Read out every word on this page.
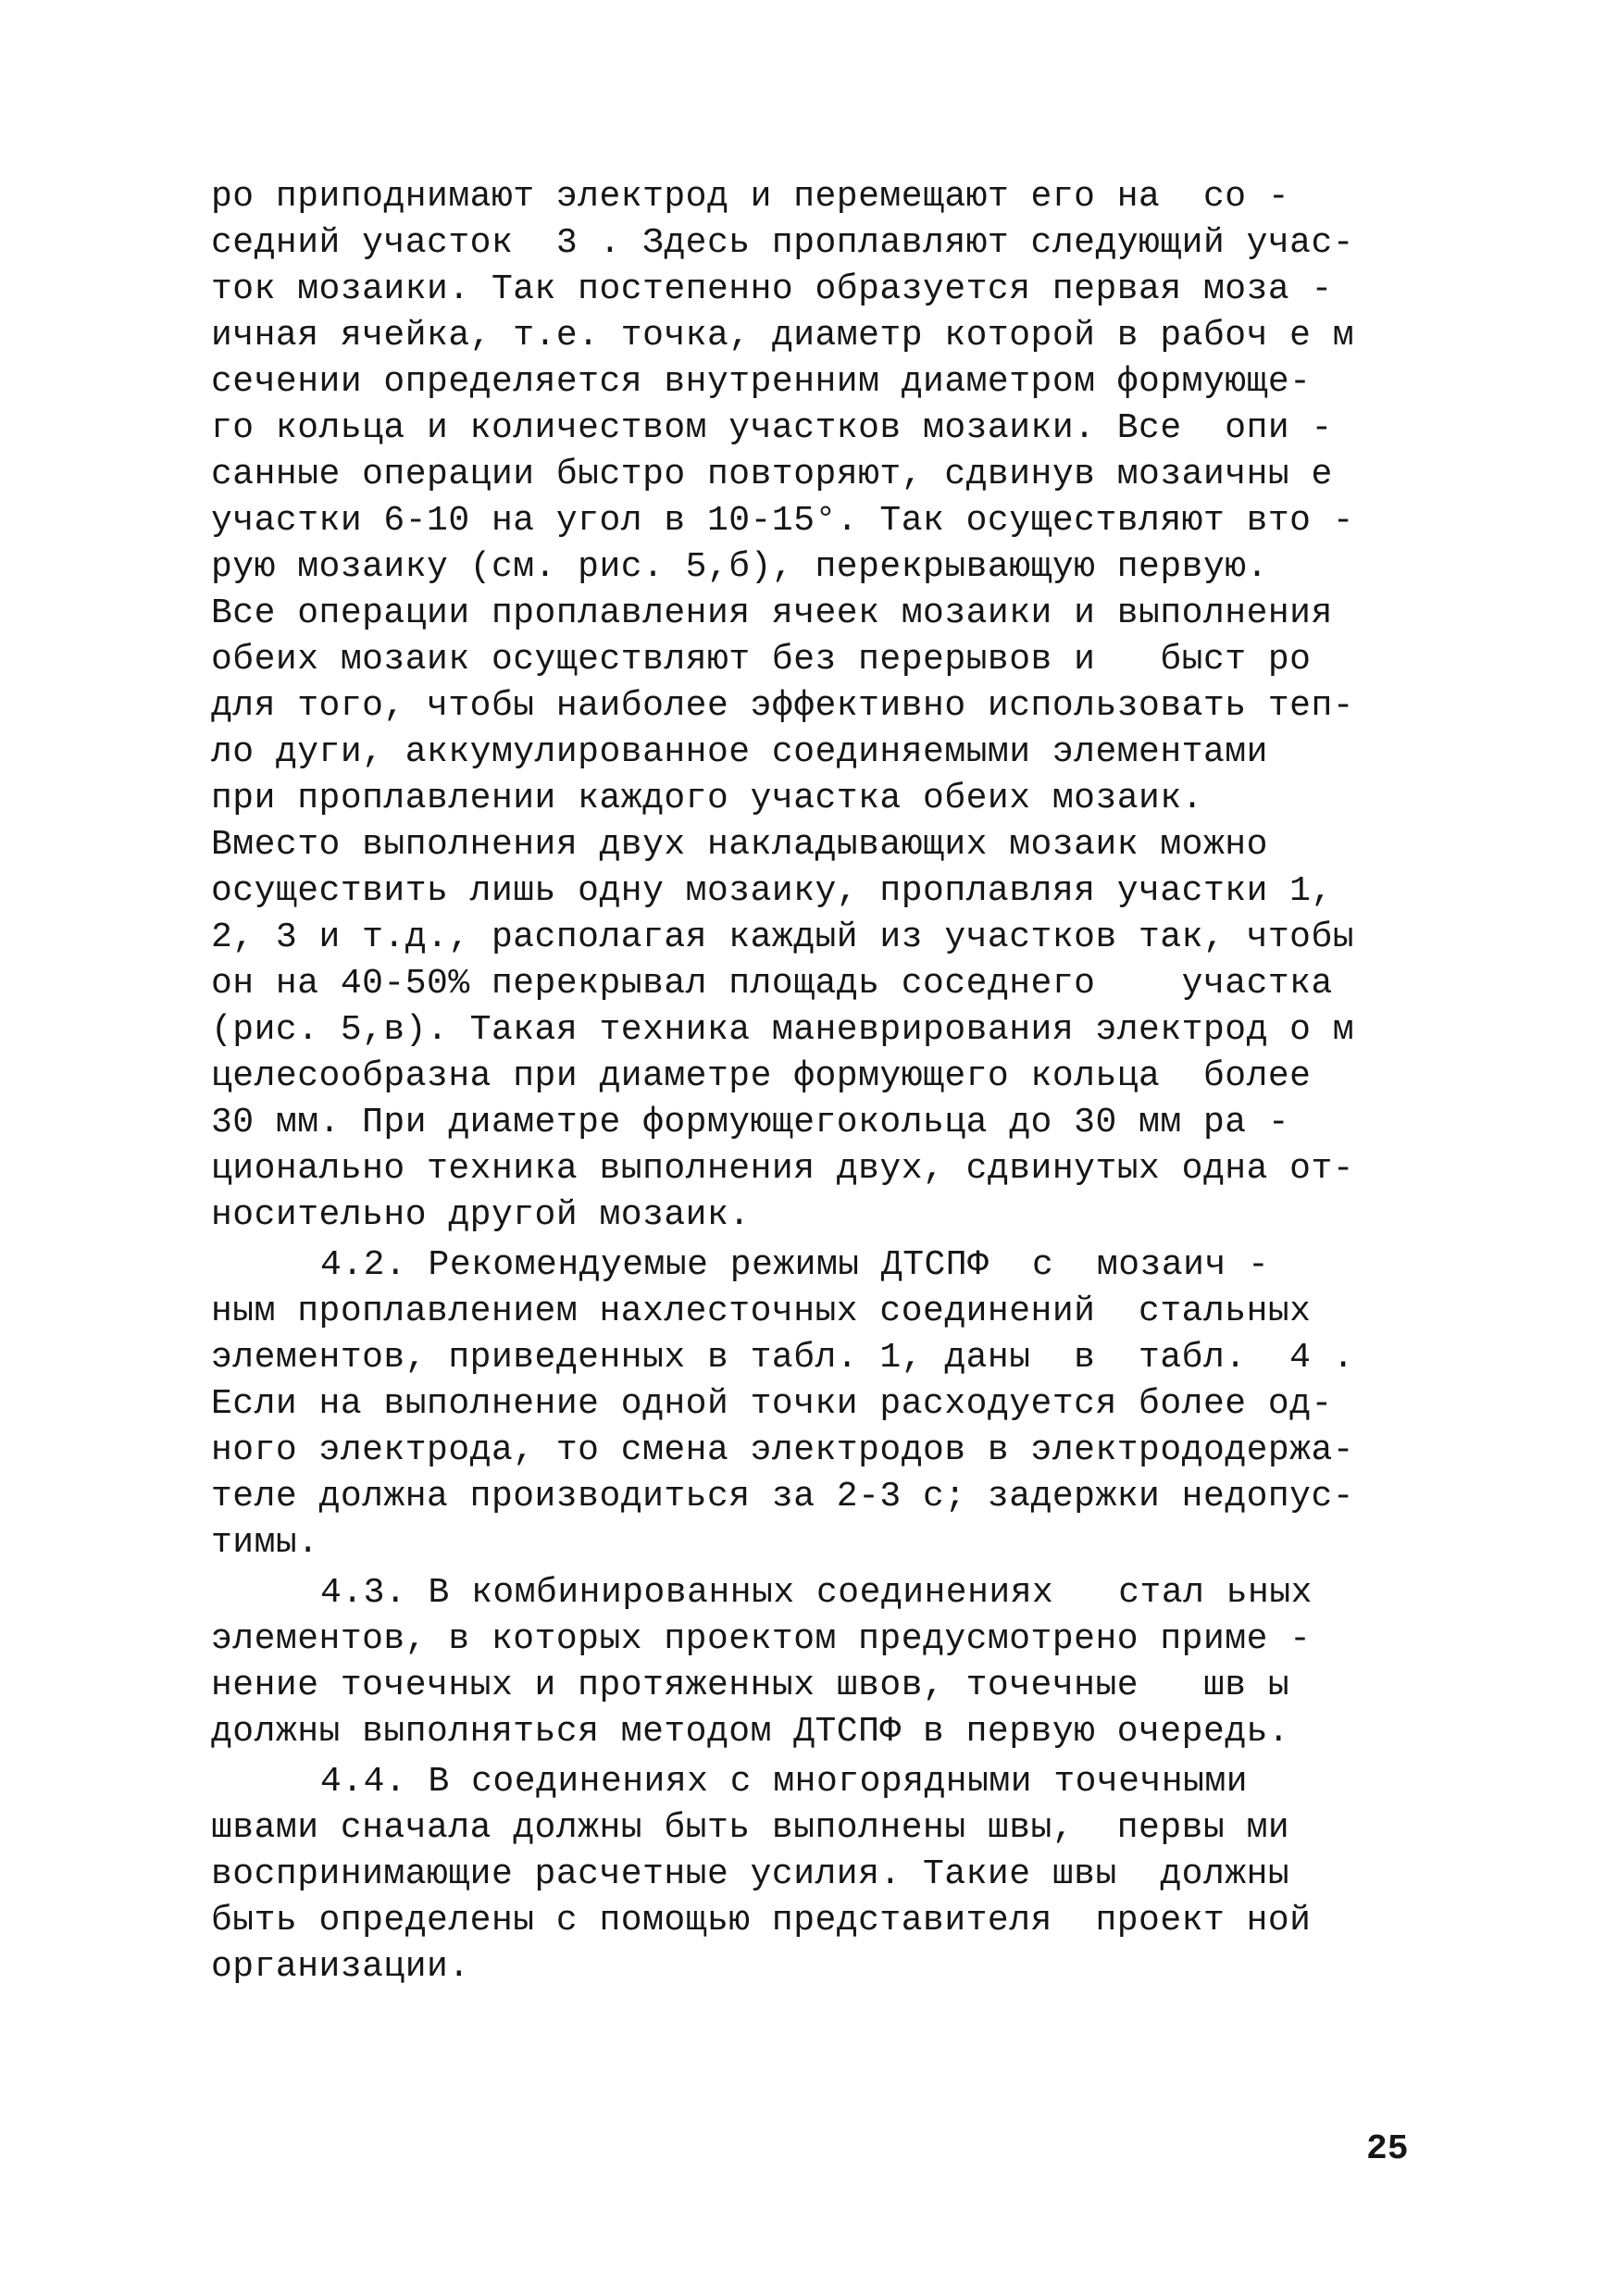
ро приподнимают электрод и перемещают его на  со -
седний участок  3 . Здесь проплавляют следующий учас-
ток мозаики. Так постепенно образуется первая моза -
ичная ячейка, т.е. точка, диаметр которой в рабоч е м
сечении определяется внутренним диаметром формующе-
го кольца и количеством участков мозаики. Все  опи -
санные операции быстро повторяют, сдвинув мозаичны е
участки 6-10 на угол в 10-15°. Так осуществляют вто -
рую мозаику (см. рис. 5,б), перекрывающую первую.
Все операции проплавления ячеек мозаики и выполнения
обеих мозаик осуществляют без перерывов и   быст ро
для того, чтобы наиболее эффективно использовать теп-
ло дуги, аккумулированное соединяемыми элементами
при проплавлении каждого участка обеих мозаик.
Вместо выполнения двух накладывающих мозаик можно
осуществить лишь одну мозаику, проплавляя участки 1,
2, 3 и т.д., располагая каждый из участков так, чтобы
он на 40-50% перекрывал площадь соседнего    участка
(рис. 5,в). Такая техника маневрирования электрод о м
целесообразна при диаметре формующего кольца  более
30 мм. При диаметре формующегокольца до 30 мм ра -
ционально техника выполнения двух, сдвинутых одна от-
носительно другой мозаик.
4.2. Рекомендуемые режимы ДТСПФ  с  мозаич -
ным проплавлением нахлесточных соединений  стальных
элементов, приведенных в табл. 1, даны  в  табл.  4 .
Если на выполнение одной точки расходуется более од-
ного электрода, то смена электродов в электрододержа-
теле должна производиться за 2-3 с; задержки недопус-
тимы.
4.3. В комбинированных соединениях   стал ьных
элементов, в которых проектом предусмотрено приме -
нение точечных и протяженных швов, точечные   шв ы
должны выполняться методом ДТСПФ в первую очередь.
4.4. В соединениях с многорядными точечными
швами сначала должны быть выполнены швы,  первы ми
воспринимающие расчетные усилия. Такие швы  должны
быть определены с помощью представителя  проект ной
организации.
25
